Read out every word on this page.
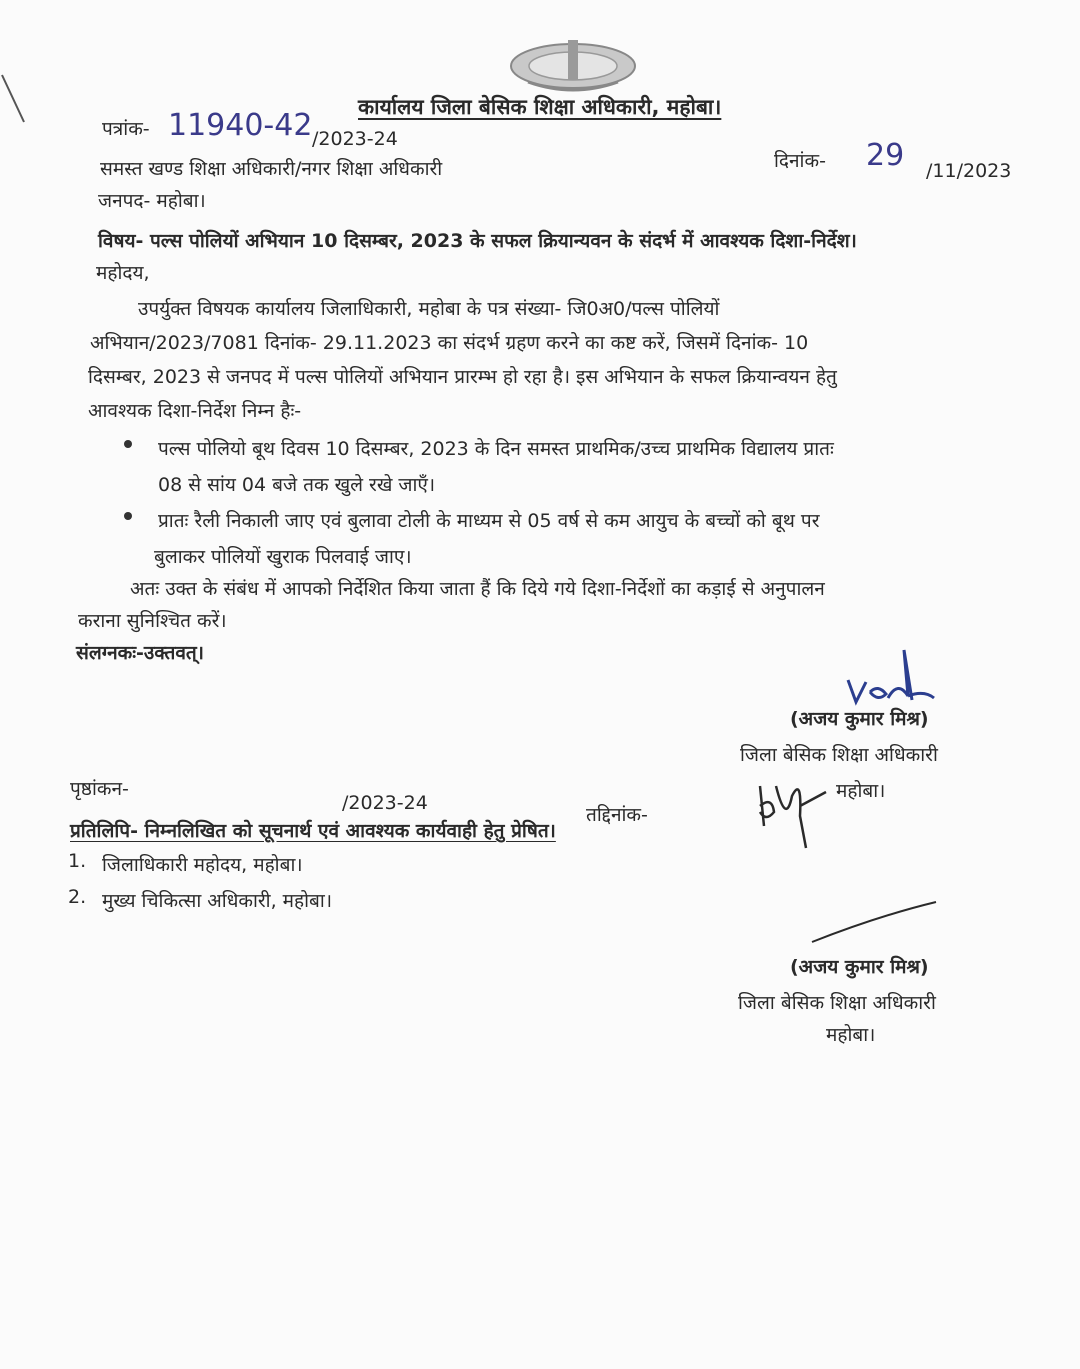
कार्यालय जिला बेसिक शिक्षा अधिकारी, महोबा।
पत्रांक- 11940-42 /2023-24
दिनांक- 29 /11/2023
समस्त खण्ड शिक्षा अधिकारी/नगर शिक्षा अधिकारी
जनपद- महोबा।
विषय- पल्स पोलियों अभियान 10 दिसम्बर, 2023 के सफल क्रियान्यवन के संदर्भ में आवश्यक दिशा-निर्देश।
महोदय,
उपर्युक्त विषयक कार्यालय जिलाधिकारी, महोबा के पत्र संख्या- जि0अ0/पल्स पोलियों
अभियान/2023/7081 दिनांक- 29.11.2023 का संदर्भ ग्रहण करने का कष्ट करें, जिसमें दिनांक- 10
दिसम्बर, 2023 से जनपद में पल्स पोलियों अभियान प्रारम्भ हो रहा है। इस अभियान के सफल क्रियान्वयन हेतु
आवश्यक दिशा-निर्देश निम्न हैः-
पल्स पोलियो बूथ दिवस 10 दिसम्बर, 2023 के दिन समस्त प्राथमिक/उच्च प्राथमिक विद्यालय प्रातः
08 से सांय 04 बजे तक खुले रखे जाएँ।
प्रातः रैली निकाली जाए एवं बुलावा टोली के माध्यम से 05 वर्ष से कम आयुच के बच्चों को बूथ पर
बुलाकर पोलियों खुराक पिलवाई जाए।
अतः उक्त के संबंध में आपको निर्देशित किया जाता हैं कि दिये गये दिशा-निर्देशों का कड़ाई से अनुपालन
कराना सुनिश्चित करें।
संलग्नकः-उक्तवत्।
(अजय कुमार मिश्र)
जिला बेसिक शिक्षा अधिकारी
महोबा।
पृष्ठांकन-
/2023-24
तद्दिनांक-
प्रतिलिपि- निम्नलिखित को सूचनार्थ एवं आवश्यक कार्यवाही हेतु प्रेषित।
1. जिलाधिकारी महोदय, महोबा।
2. मुख्य चिकित्सा अधिकारी, महोबा।
(अजय कुमार मिश्र)
जिला बेसिक शिक्षा अधिकारी
महोबा।
